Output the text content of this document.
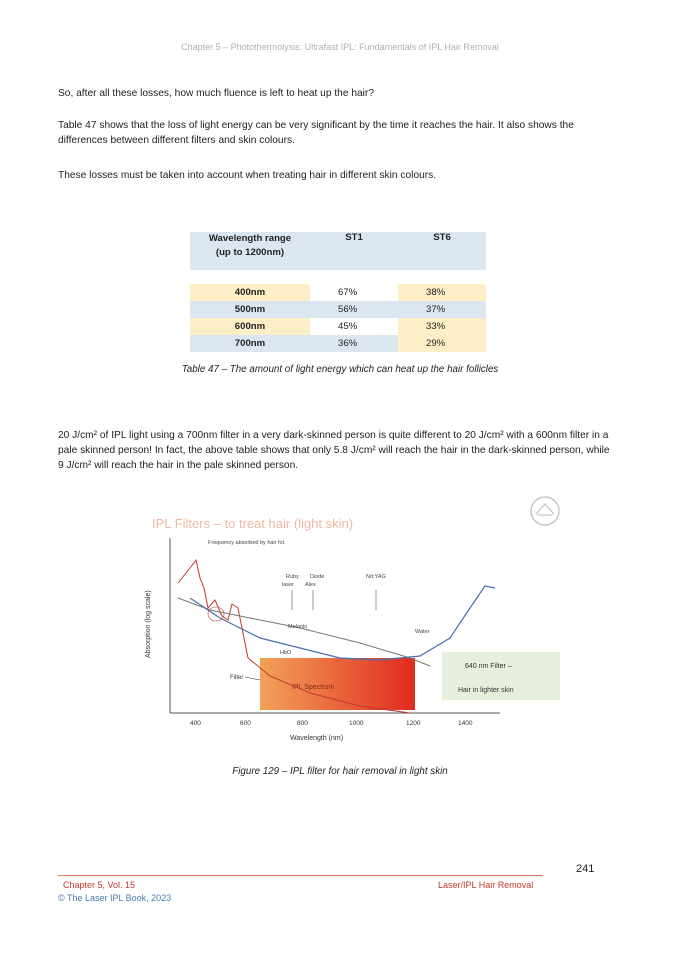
Chapter 5 – Photothermolysis: Ultrafast IPL: Fundamentals of IPL Hair Removal
So, after all these losses, how much fluence is left to heat up the hair?
Table 47 shows that the loss of light energy can be very significant by the time it reaches the hair. It also shows the differences between different filters and skin colours.
These losses must be taken into account when treating hair in different skin colours.
Wavelength range
(up to 1200nm)	ST1	ST6

400nm	67%	38%
500nm	56%	37%
600nm	45%	33%
700nm	36%	29%
Table 47 – The amount of light energy which can heat up the hair follicles
20 J/cm² of IPL light using a 700nm filter in a very dark-skinned person is quite different to 20 J/cm² with a 600nm filter in a pale skinned person! In fact, the above table shows that only 5.8 J/cm² will reach the hair in the dark-skinned person, while 9 J/cm² will reach the hair in the pale skinned person.
IPL Filters – to treat hair (light skin)
Absorption (log scale)
Wavelength (nm)
400	600	800	1000	1200	1400
IPL Spectrum
Filter
Frequency absorbed by hair fol.
Ruby
laser
Diode
Alex
Nd:YAG
Melanin
Water
HbO
640 nm Filter –
Hair in lighter skin
Figure 129 – IPL filter for hair removal in light skin
241
Chapter 5, Vol. 15	Laser/IPL Hair Removal
© The Laser IPL Book, 2023
